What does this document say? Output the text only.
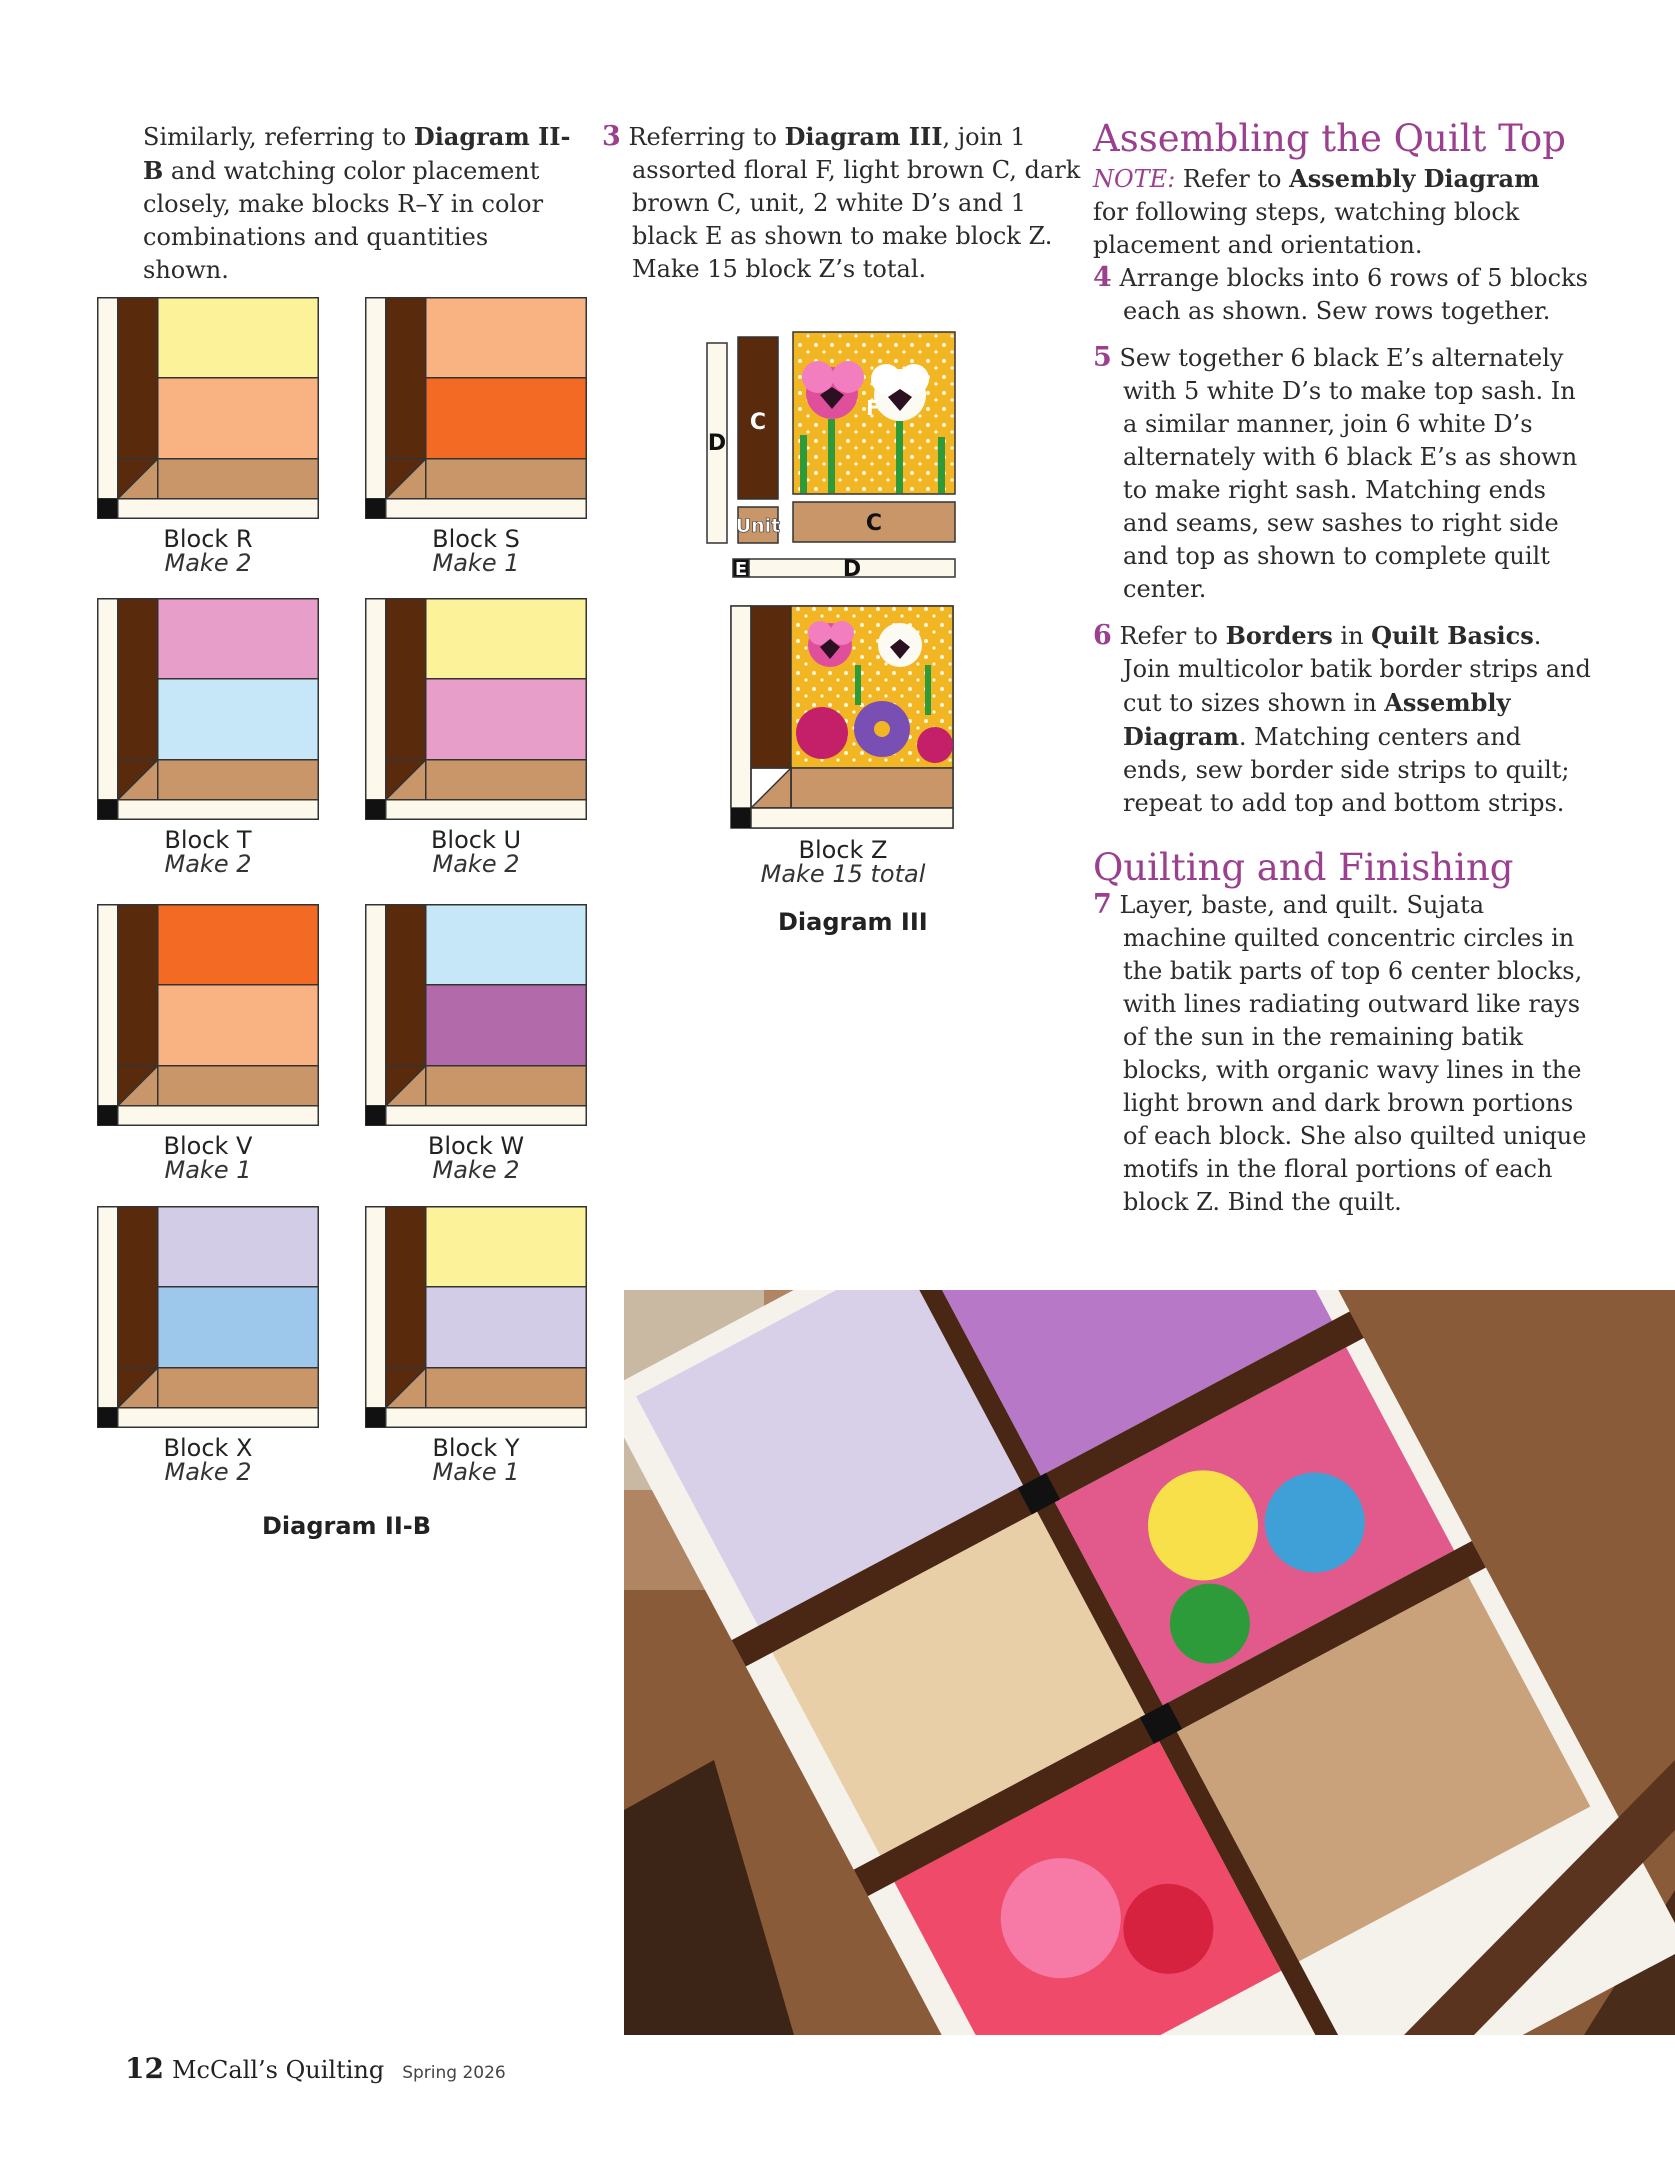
Similarly, referring to Diagram II-B and watching color placement closely, make blocks R–Y in color combinations and quantities shown.
Block R
Make 2
Block S
Make 1
Block T
Make 2
Block U
Make 2
Block V
Make 1
Block W
Make 2
Block X
Make 2
Block Y
Make 1
Diagram II-B
3 Referring to Diagram III, join 1 assorted floral F, light brown C, dark brown C, unit, 2 white D’s and 1 black E as shown to make block Z. Make 15 block Z’s total.
C
D
F
Unit	C
E	D
Block Z
Make 15 total
Diagram III
Assembling the Quilt Top
NOTE: Refer to Assembly Diagram for following steps, watching block placement and orientation.
4 Arrange blocks into 6 rows of 5 blocks each as shown. Sew rows together.
5 Sew together 6 black E’s alternately with 5 white D’s to make top sash. In a similar manner, join 6 white D’s alternately with 6 black E’s as shown to make right sash. Matching ends and seams, sew sashes to right side and top as shown to complete quilt center.
6 Refer to Borders in Quilt Basics. Join multicolor batik border strips and cut to sizes shown in Assembly Diagram. Matching centers and ends, sew border side strips to quilt; repeat to add top and bottom strips.
Quilting and Finishing
7 Layer, baste, and quilt. Sujata machine quilted concentric circles in the batik parts of top 6 center blocks, with lines radiating outward like rays of the sun in the remaining batik blocks, with organic wavy lines in the light brown and dark brown portions of each block. She also quilted unique motifs in the floral portions of each block Z. Bind the quilt.
12 McCall’s Quilting Spring 2026
